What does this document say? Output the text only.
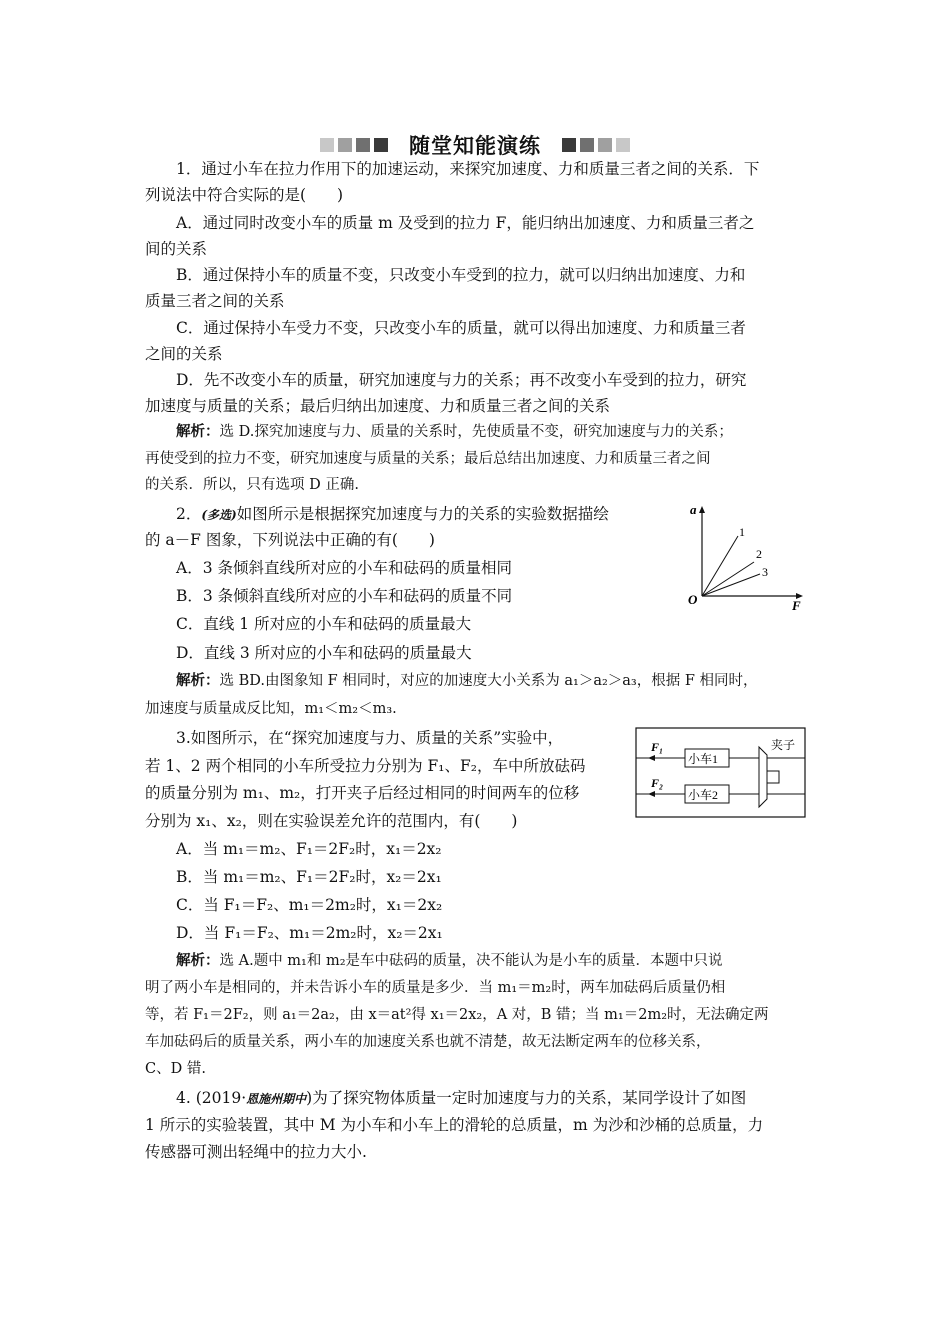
随堂知能演练
1．通过小车在拉力作用下的加速运动，来探究加速度、力和质量三者之间的关系．下
列说法中符合实际的是(　　)
A．通过同时改变小车的质量 m 及受到的拉力 F，能归纳出加速度、力和质量三者之
间的关系
B．通过保持小车的质量不变，只改变小车受到的拉力，就可以归纳出加速度、力和
质量三者之间的关系
C．通过保持小车受力不变，只改变小车的质量，就可以得出加速度、力和质量三者
之间的关系
D．先不改变小车的质量，研究加速度与力的关系；再不改变小车受到的拉力，研究
加速度与质量的关系；最后归纳出加速度、力和质量三者之间的关系
解析：选 D.探究加速度与力、质量的关系时，先使质量不变，研究加速度与力的关系；
再使受到的拉力不变，研究加速度与质量的关系；最后总结出加速度、力和质量三者之间
的关系．所以，只有选项 D 正确.
2．(多选)如图所示是根据探究加速度与力的关系的实验数据描绘
的 a－F 图象，下列说法中正确的有(　　)
A．3 条倾斜直线所对应的小车和砝码的质量相同
B．3 条倾斜直线所对应的小车和砝码的质量不同
C．直线 1 所对应的小车和砝码的质量最大
D．直线 3 所对应的小车和砝码的质量最大
解析：选 BD.由图象知 F 相同时，对应的加速度大小关系为 a₁＞a₂＞a₃，根据 F 相同时，
加速度与质量成反比知，m₁＜m₂＜m₃.
a
F
O
1
2
3
3.如图所示，在“探究加速度与力、质量的关系”实验中，
若 1、2 两个相同的小车所受拉力分别为 F₁、F₂，车中所放砝码
的质量分别为 m₁、m₂，打开夹子后经过相同的时间两车的位移
分别为 x₁、x₂，则在实验误差允许的范围内，有(　　)
A．当 m₁＝m₂、F₁＝2F₂时，x₁＝2x₂
B．当 m₁＝m₂、F₁＝2F₂时，x₂＝2x₁
C．当 F₁＝F₂、m₁＝2m₂时，x₁＝2x₂
D．当 F₁＝F₂、m₁＝2m₂时，x₂＝2x₁
解析：选 A.题中 m₁和 m₂是车中砝码的质量，决不能认为是小车的质量．本题中只说
明了两小车是相同的，并未告诉小车的质量是多少．当 m₁＝m₂时，两车加砝码后质量仍相
等，若 F₁＝2F₂，则 a₁＝2a₂，由 x＝at²得 x₁＝2x₂，A 对，B 错；当 m₁＝2m₂时，无法确定两
车加砝码后的质量关系，两小车的加速度关系也就不清楚，故无法断定两车的位移关系，
C、D 错.
F₁
F₂
小车1
小车2
夹子
4. (2019·恩施州期中)为了探究物体质量一定时加速度与力的关系，某同学设计了如图
1 所示的实验装置，其中 M 为小车和小车上的滑轮的总质量，m 为沙和沙桶的总质量，力
传感器可测出轻绳中的拉力大小.
